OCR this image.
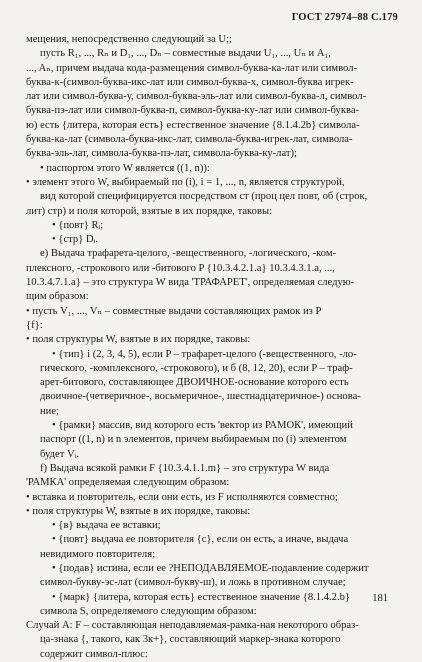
ГОСТ 27974–88 С.179
мещения, непосредственно следующий за U;;
пусть R₁, ..., Rₙ и D₁, ..., Dₙ – совместные выдачи U₁, ..., Uₙ и A₁,
..., Aₙ, причем выдача кода-размещения символ-буква-ка-лат или символ-
буква-к-(символ-буква-икс-лат или символ-буква-х, символ-буква игрек-
лат или символ-буква-у, символ-буква-эль-лат или символ-буква-л, символ-
буква-пэ-лат или символ-буква-п, символ-буква-ку-лат или символ-буква-
ю) есть {литера, которая есть} естественное значение {8.1.4.2b} символа-
буква-ка-лат (символа-буква-икс-лат, символа-буква-игрек-лат, символа-
буква-эль-лат, символа-буква-пэ-лат, символа-буква-ку-лат);
• паспортом этого W является ((1, n)):
• элемент этого W, выбираемый по (i), i = 1, ..., n, является структурой,
вид которой специфицируется посредством ст (проц цел повт, об (строк,
лит) стр) и поля которой, взятые в их порядке, таковы:
• {повт} Rᵢ;
• {стр} Dᵢ.
е) Выдача трафарета-целого, -вещественного, -логического, -ком-
плексного, -строкового или -битового P {10.3.4.2.1.a} 10.3.4.3.1.a, ...,
10.3.4.7.1.a} – это структура W вида 'ТРАФАРЕТ', определяемая следую-
щим образом:
• пусть V₁, ..., Vₙ – совместные выдачи составляющих рамок из P
{f}:
• поля структуры W, взятые в их порядке, таковы:
• {тип} і (2, 3, 4, 5), если P – трафарет-целого (-вещественного, -ло-
гического, -комплексного, -строкового), и б (8, 12, 20), если P – траф-
арет-битового, составляющее ДВОИЧНОЕ-основание которого есть
двоичное-(четверичное-, восьмеричное-, шестнадцатеричное-) основа-
ние;
• {рамки} массив, вид которого есть 'вектор из РАМОК', имеющий
паспорт ((1, n) и n элементов, причем выбираемым по (i) элементом
будет Vᵢ.
f) Выдача всякой рамки F {10.3.4.1.1.m} – это структура W вида
'РАМКА' определяемая следующим образом:
• вставка и повторитель, если они есть, из F исполняются совместно;
• поля структуры W, взятые в их порядке, таковы:
• {в} выдача ее вставки;
• {повт} выдача ее повторителя {c}, если он есть, а иначе, выдача
невидимого повторителя;
• {подав} истина, если ее ?НЕПОДАВЛЯЕМОЕ-подавление содержит
символ-букву-эс-лат (символ-букву-ш), и ложь в противном случае;
• {марк} {литера, которая есть} естественное значение {8.1.4.2.b}
символа S, определяемого следующим образом:
Случай A: F – составляющая неподавляемая-рамка-ная некоторого образ-
ца-знака {, такого, как 3к+}, составляющий маркер-знака которого
содержит символ-плюс:
181
